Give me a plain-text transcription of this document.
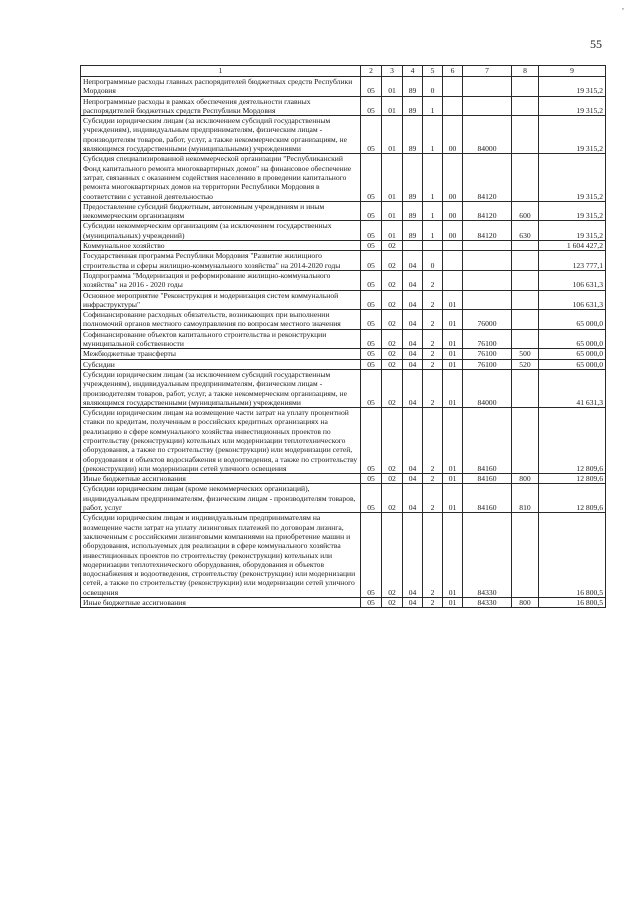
,
55
1	2	3	4	5	6	7	8	9
Непрограммные расходы главных распорядителей бюджетных средств Республики Мордовия	05	01	89	0				19 315,2
Непрограммные расходы в рамках обеспечения деятельности главных распорядителей бюджетных средств Республики Мордовия	05	01	89	1				19 315,2
Субсидии юридическим лицам (за исключением субсидий государственным учреждениям), индивидуальным предпринимателям, физическим лицам - производителям товаров, работ, услуг, а также некоммерческим организациям, не являющимся государственными (муниципальными) учреждениями	05	01	89	1	00	84000		19 315,2
Субсидия специализированной некоммерческой организации "Республиканский Фонд капитального ремонта многоквартирных домов" на финансовое обеспечение затрат, связанных с оказанием содействия населению в проведении капитального ремонта многоквартирных домов на территории Республики Мордовия в соответствии с уставной деятельностью	05	01	89	1	00	84120		19 315,2
Предоставление субсидий бюджетным, автономным учреждениям и иным некоммерческим организациям	05	01	89	1	00	84120	600	19 315,2
Субсидии некоммерческим организациям (за исключением государственных (муниципальных) учреждений)	05	01	89	1	00	84120	630	19 315,2
Коммунальное хозяйство	05	02						1 604 427,2
Государственная программа Республики Мордовия "Развитие жилищного строительства и сферы жилищно-коммунального хозяйства" на 2014-2020 годы	05	02	04	0				123 777,1
Подпрограмма "Модернизация и реформирование жилищно-коммунального хозяйства" на 2016 - 2020 годы	05	02	04	2				106 631,3
Основное мероприятие "Реконструкция и модернизация систем коммунальной инфраструктуры"	05	02	04	2	01			106 631,3
Софинансирование расходных обязательств, возникающих при выполнении полномочий органов местного самоуправления по вопросам местного значения	05	02	04	2	01	76000		65 000,0
Софинансирование объектов капитального строительства и реконструкции муниципальной собственности	05	02	04	2	01	76100		65 000,0
Межбюджетные трансферты	05	02	04	2	01	76100	500	65 000,0
Субсидии	05	02	04	2	01	76100	520	65 000,0
Субсидии юридическим лицам (за исключением субсидий государственным учреждениям), индивидуальным предпринимателям, физическим лицам - производителям товаров, работ, услуг, а также некоммерческим организациям, не являющимся государственными (муниципальными) учреждениями	05	02	04	2	01	84000		41 631,3
Субсидии юридическим лицам на возмещение части затрат на уплату процентной ставки по кредитам, полученным в российских кредитных организациях на реализацию в сфере коммунального хозяйства инвестиционных проектов по строительству (реконструкции) котельных или модернизации теплотехнического оборудования, а также по строительству (реконструкции) или модернизации сетей, оборудования и объектов водоснабжения и водоотведения, а также по строительству (реконструкции) или модернизации сетей уличного освещения	05	02	04	2	01	84160		12 809,6
Иные бюджетные ассигнования	05	02	04	2	01	84160	800	12 809,6
Субсидии юридическим лицам (кроме некоммерческих организаций), индивидуальным предпринимателям, физическим лицам - производителям товаров, работ, услуг	05	02	04	2	01	84160	810	12 809,6
Субсидии юридическим лицам и индивидуальным предпринимателям на возмещение части затрат на уплату лизинговых платежей по договорам лизинга, заключенным с российскими лизинговыми компаниями на приобретение машин и оборудования, используемых для реализации в сфере коммунального хозяйства инвестиционных проектов по строительству (реконструкции) котельных или модернизации теплотехнического оборудования, оборудования и объектов водоснабжения и водоотведения, строительству (реконструкции) или модернизации сетей, а также по строительству (реконструкции) или модернизации сетей уличного освещения	05	02	04	2	01	84330		16 800,5
Иные бюджетные ассигнования	05	02	04	2	01	84330	800	16 800,5
